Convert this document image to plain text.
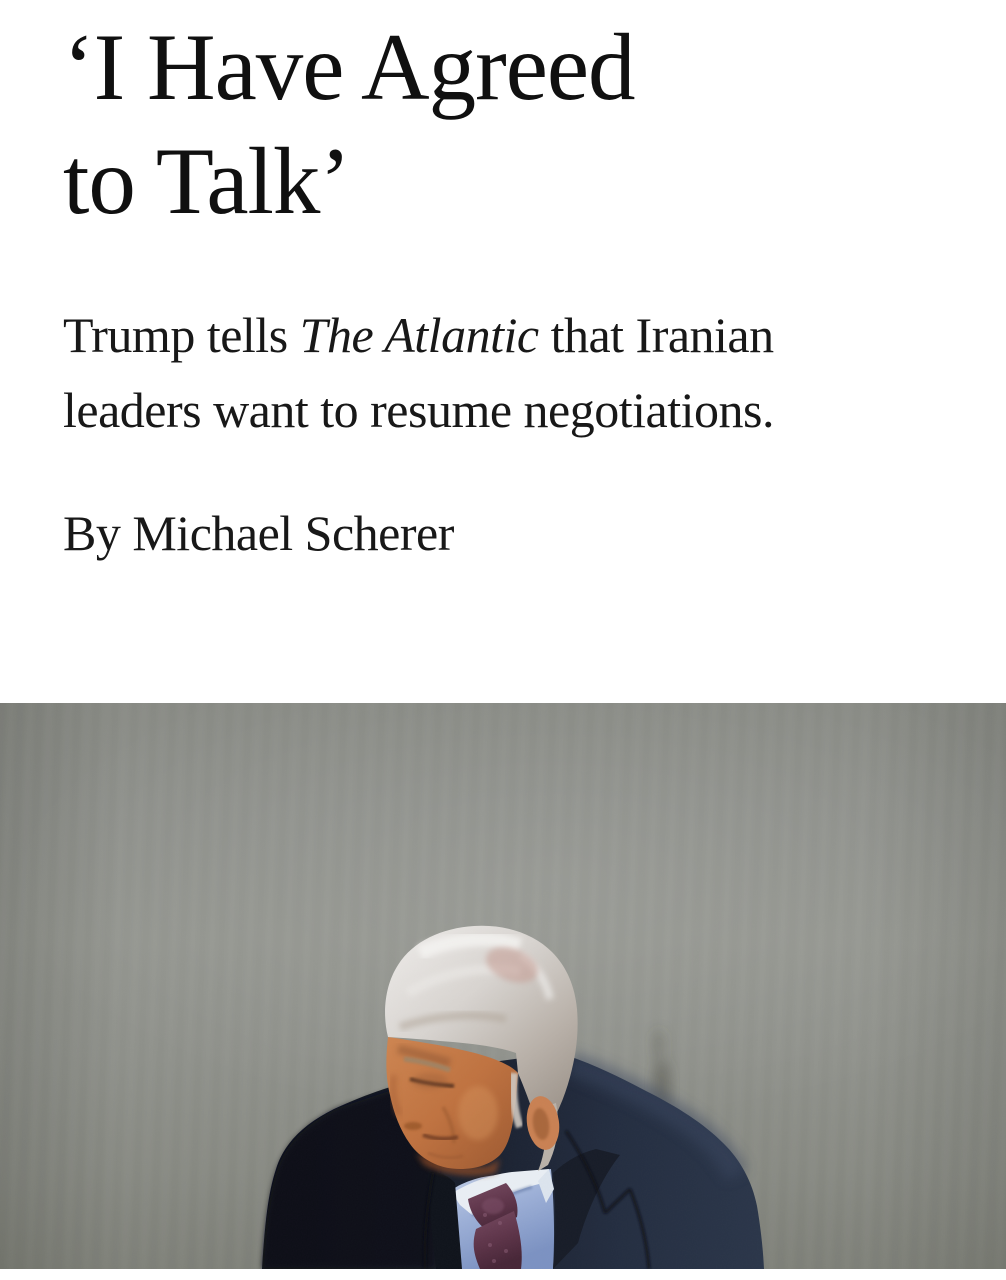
‘I Have Agreed
to Talk’

Trump tells The Atlantic that Iranian
leaders want to resume negotiations.

By Michael Scherer
